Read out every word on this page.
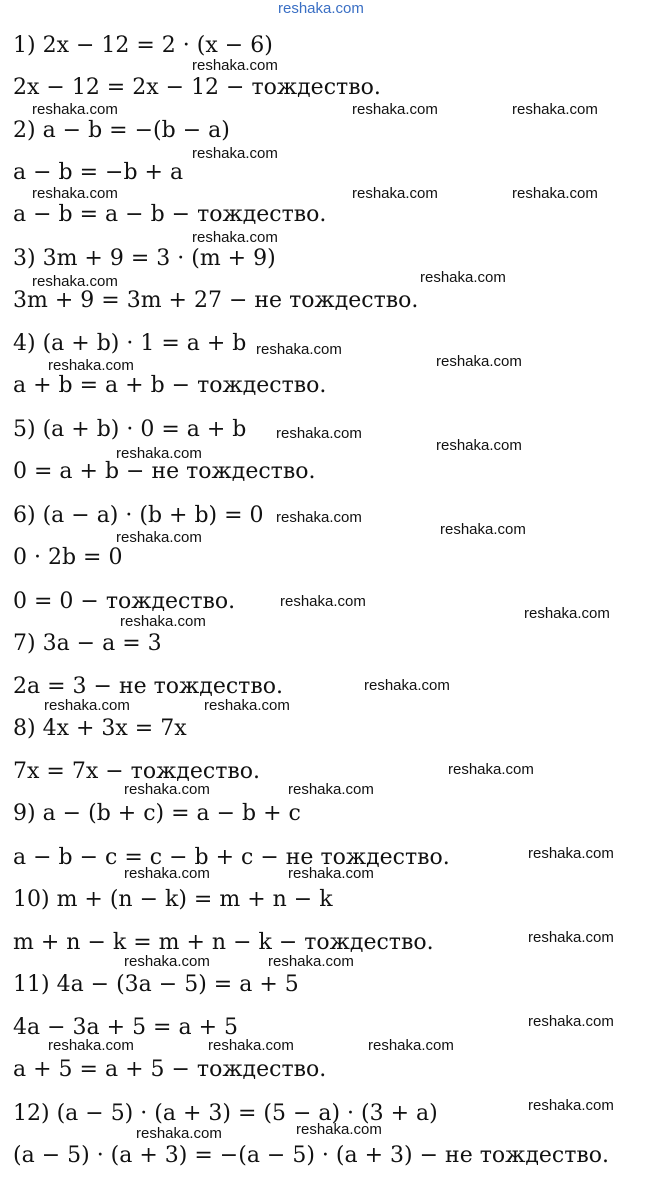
reshaka.com
1) 2x − 12 = 2 · (x − 6)
2x − 12 = 2x − 12 − тождество.
2) a − b = −(b − a)
a − b = −b + a
a − b = a − b − тождество.
3) 3m + 9 = 3 · (m + 9)
3m + 9 = 3m + 27 − не тождество.
4) (a + b) · 1 = a + b
a + b = a + b − тождество.
5) (a + b) · 0 = a + b
0 = a + b − не тождество.
6) (a − a) · (b + b) = 0
0 · 2b = 0
0 = 0 − тождество.
7) 3a − a = 3
2a = 3 − не тождество.
8) 4x + 3x = 7x
7x = 7x − тождество.
9) a − (b + c) = a − b + c
a − b − c = c − b + c − не тождество.
10) m + (n − k) = m + n − k
m + n − k = m + n − k − тождество.
11) 4a − (3a − 5) = a + 5
4a − 3a + 5 = a + 5
a + 5 = a + 5 − тождество.
12) (a − 5) · (a + 3) = (5 − a) · (3 + a)
(a − 5) · (a + 3) = −(a − 5) · (a + 3) − не тождество.
reshaka.com
reshaka.com	reshaka.com	reshaka.com
reshaka.com
reshaka.com	reshaka.com	reshaka.com
reshaka.com
reshaka.com	reshaka.com
reshaka.com
reshaka.com	reshaka.com
reshaka.com
reshaka.com	reshaka.com
reshaka.com
reshaka.com	reshaka.com
reshaka.com
reshaka.com	reshaka.com
reshaka.com
reshaka.com	reshaka.com
reshaka.com
reshaka.com	reshaka.com
reshaka.com
reshaka.com	reshaka.com
reshaka.com
reshaka.com	reshaka.com
reshaka.com
reshaka.com	reshaka.com	reshaka.com
reshaka.com
reshaka.com	reshaka.com
